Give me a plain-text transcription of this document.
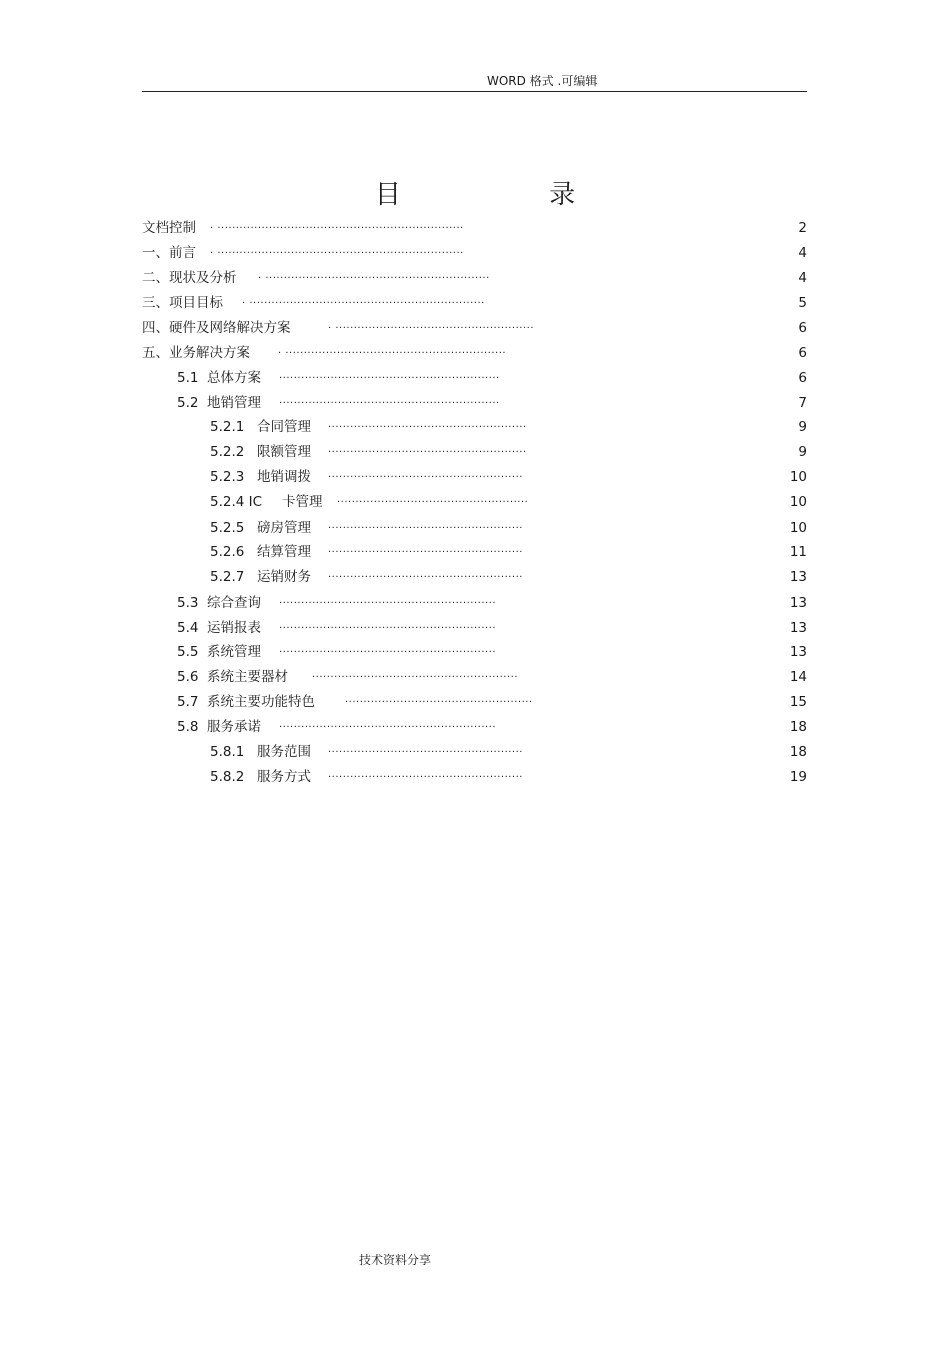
WORD 格式 .可编辑
目 录
文档控制 . ...................................................................	2
一、前言 . ...................................................................	4
二、现状及分析 . .............................................................	4
三、项目目标 . ................................................................	5
四、硬件及网络解决方案	. ......................................................	6
五、业务解决方案	. ............................................................	6
5.1 总体方案 ............................................................	6
5.2 地销管理 ............................................................	7
5.2.1 合同管理 ......................................................	9
5.2.2 限额管理 ......................................................	9
5.2.3 地销调拨 .....................................................	10
5.2.4 IC 卡管理 ....................................................	10
5.2.5 磅房管理 .....................................................	10
5.2.6 结算管理 .....................................................	11
5.2.7 运销财务 .....................................................	13
5.3 综合查询 ...........................................................	13
5.4 运销报表 ...........................................................	13
5.5 系统管理 ...........................................................	13
5.6 系统主要器材 ........................................................	14
5.7 系统主要功能特色	...................................................	15
5.8 服务承诺 ...........................................................	18
5.8.1 服务范围 .....................................................	18
5.8.2 服务方式 .....................................................	19
技术资料分享
